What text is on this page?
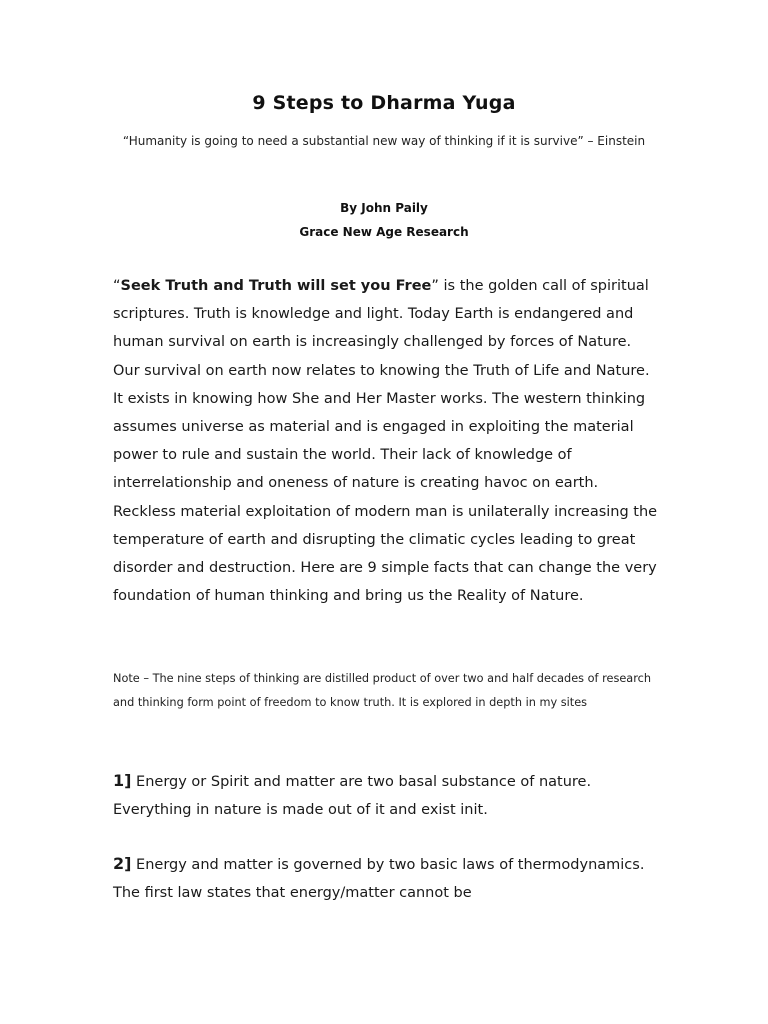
9 Steps to Dharma Yuga
“Humanity is going to need a substantial new way of thinking if it is survive” – Einstein
By John Paily
Grace New Age Research
“Seek Truth and Truth will set you Free” is the golden call of spiritual scriptures. Truth is knowledge and light. Today Earth is endangered and human survival on earth is increasingly challenged by forces of Nature. Our survival on earth now relates to knowing the Truth of Life and Nature. It exists in knowing how She and Her Master works. The western thinking assumes universe as material and is engaged in exploiting the material power to rule and sustain the world. Their lack of knowledge of interrelationship and oneness of nature is creating havoc on earth. Reckless material exploitation of modern man is unilaterally increasing the temperature of earth and disrupting the climatic cycles leading to great disorder and destruction. Here are 9 simple facts that can change the very foundation of human thinking and bring us the Reality of Nature.
Note – The nine steps of thinking are distilled product of over two and half decades of research and thinking form point of freedom to know truth. It is explored in depth in my sites
1] Energy or Spirit and matter are two basal substance of nature. Everything in nature is made out of it and exist init.
2] Energy and matter is governed by two basic laws of thermodynamics. The first law states that energy/matter cannot be
